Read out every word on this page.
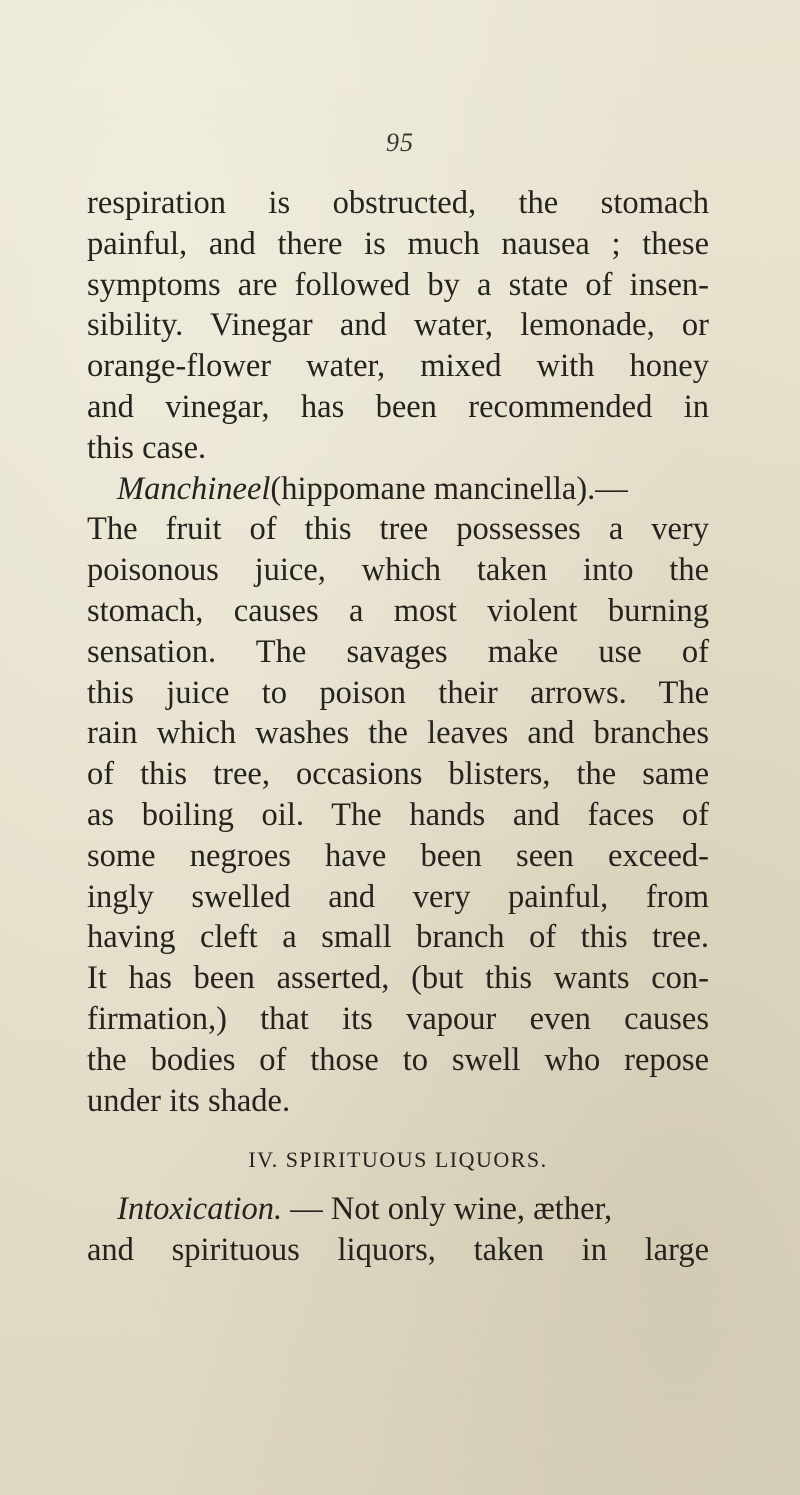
95
respiration is obstructed, the stomach
painful, and there is much nausea ; these
symptoms are followed by a state of insen-
sibility. Vinegar and water, lemonade, or
orange-flower water, mixed with honey
and vinegar, has been recommended in
this case.
Manchineel(hippomane mancinella).—
The fruit of this tree possesses a very
poisonous juice, which taken into the
stomach, causes a most violent burning
sensation. The savages make use of
this juice to poison their arrows. The
rain which washes the leaves and branches
of this tree, occasions blisters, the same
as boiling oil. The hands and faces of
some negroes have been seen exceed-
ingly swelled and very painful, from
having cleft a small branch of this tree.
It has been asserted, (but this wants con-
firmation,) that its vapour even causes
the bodies of those to swell who repose
under its shade.
IV. SPIRITUOUS LIQUORS.
Intoxication. — Not only wine, æther,
and spirituous liquors, taken in large
